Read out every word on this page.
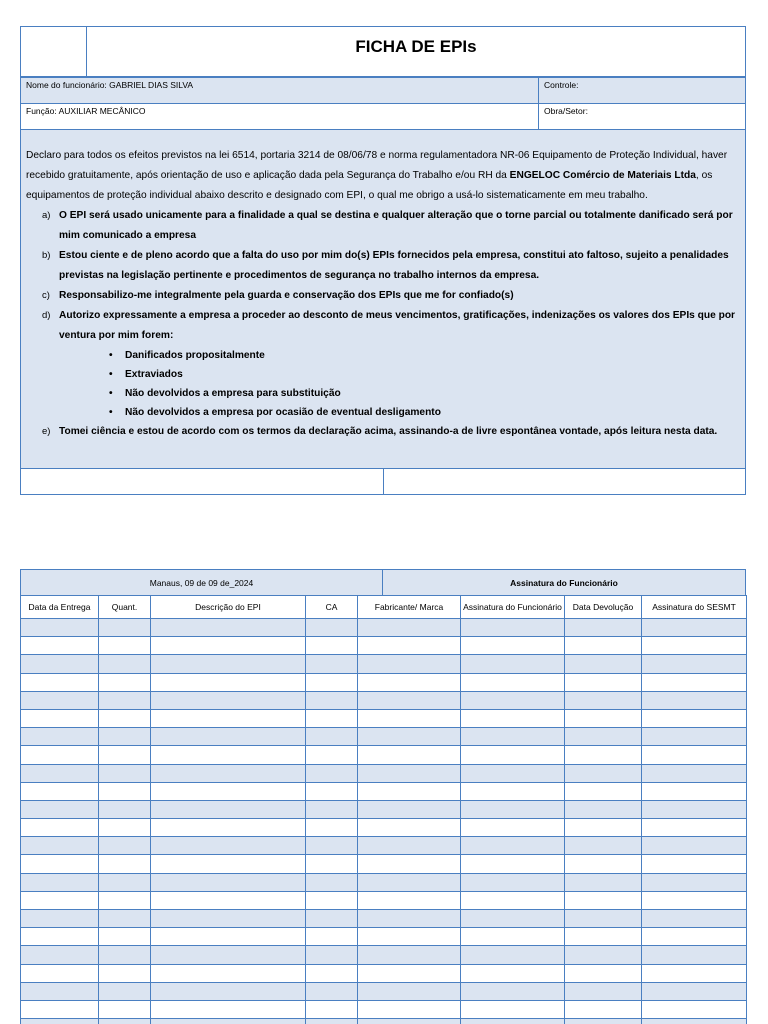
FICHA DE EPIs
Nome do funcionário: GABRIEL DIAS SILVA	Controle:
Função: AUXILIAR MECÂNICO	Obra/Setor:

Declaro para todos os efeitos previstos na lei 6514, portaria 3214 de 08/06/78 e norma regulamentadora NR-06 Equipamento de Proteção Individual, haver recebido gratuitamente, após orientação de uso e aplicação dada pela Segurança do Trabalho e/ou RH da ENGELOC Comércio de Materiais Ltda, os equipamentos de proteção individual abaixo descrito e designado com EPI, o qual me obrigo a usá-lo sistematicamente em meu trabalho.

a) O EPI será usado unicamente para a finalidade a qual se destina e qualquer alteração que o torne parcial ou totalmente danificado será por mim comunicado a empresa
b) Estou ciente e de pleno acordo que a falta do uso por mim do(s) EPIs fornecidos pela empresa, constitui ato faltoso, sujeito a penalidades previstas na legislação pertinente e procedimentos de segurança no trabalho internos da empresa.
c) Responsabilizo-me integralmente pela guarda e conservação dos EPIs que me for confiado(s)
d) Autorizo expressamente a empresa a proceder ao desconto de meus vencimentos, gratificações, indenizações os valores dos EPIs que por ventura por mim forem:
• Danificados propositalmente
• Extraviados
• Não devolvidos a empresa para substituição
• Não devolvidos a empresa por ocasião de eventual desligamento
e) Tomei ciência e estou de acordo com os termos da declaração acima, assinando-a de livre espontânea vontade, após leitura nesta data.
Manaus, 09 de 09 de_2024	Assinatura do Funcionário
Data da Entrega	Quant.	Descrição do EPI	CA	Fabricante/ Marca	Assinatura do Funcionário	Data Devolução	Assinatura do SESMT
